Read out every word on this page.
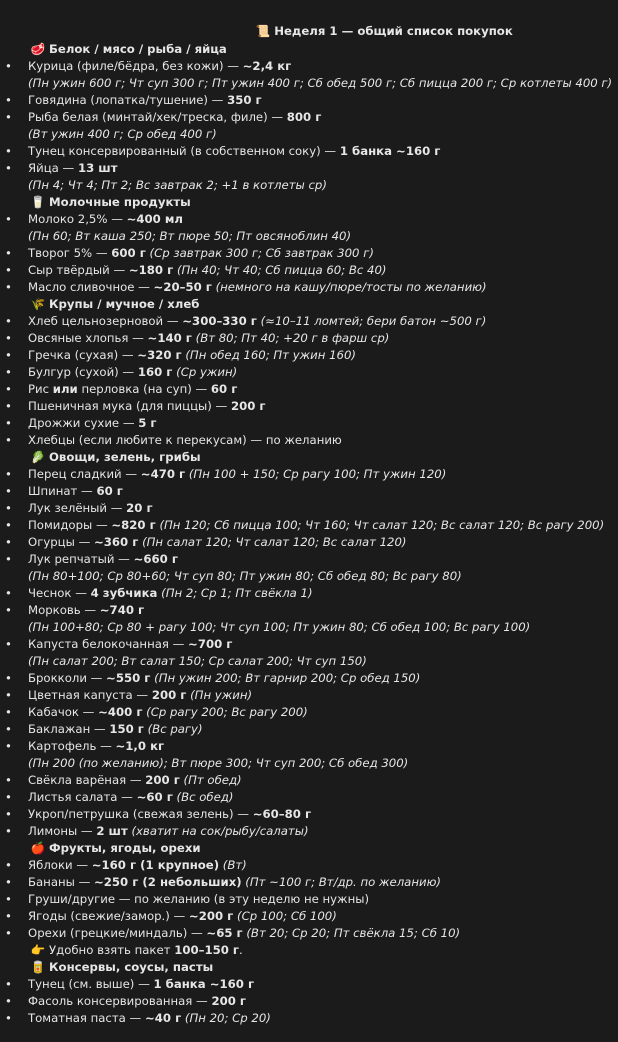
📜 Неделя 1 — общий список покупок
🥩 Белок / мясо / рыба / яйца
• Курица (филе/бёдра, без кожи) — ~2,4 кг
(Пн ужин 600 г; Чт суп 300 г; Пт ужин 400 г; Сб обед 500 г; Сб пицца 200 г; Ср котлеты 400 г)
• Говядина (лопатка/тушение) — 350 г
• Рыба белая (минтай/хек/треска, филе) — 800 г
(Вт ужин 400 г; Ср обед 400 г)
• Тунец консервированный (в собственном соку) — 1 банка ~160 г
• Яйца — 13 шт
(Пн 4; Чт 4; Пт 2; Вс завтрак 2; +1 в котлеты ср)
🥛 Молочные продукты
• Молоко 2,5% — ~400 мл
(Пн 60; Вт каша 250; Вт пюре 50; Пт овсяноблин 40)
• Творог 5% — 600 г (Ср завтрак 300 г; Сб завтрак 300 г)
• Сыр твёрдый — ~180 г (Пн 40; Чт 40; Сб пицца 60; Вс 40)
• Масло сливочное — ~20–50 г (немного на кашу/пюре/тосты по желанию)
🌾 Крупы / мучное / хлеб
• Хлеб цельнозерновой — ~300–330 г (≈10–11 ломтей; бери батон ~500 г)
• Овсяные хлопья — ~140 г (Вт 80; Пт 40; +20 г в фарш ср)
• Гречка (сухая) — ~320 г (Пн обед 160; Пт ужин 160)
• Булгур (сухой) — 160 г (Ср ужин)
• Рис или перловка (на суп) — 60 г
• Пшеничная мука (для пиццы) — 200 г
• Дрожжи сухие — 5 г
• Хлебцы (если любите к перекусам) — по желанию
🥬 Овощи, зелень, грибы
• Перец сладкий — ~470 г (Пн 100 + 150; Ср рагу 100; Пт ужин 120)
• Шпинат — 60 г
• Лук зелёный — 20 г
• Помидоры — ~820 г (Пн 120; Сб пицца 100; Чт 160; Чт салат 120; Вс салат 120; Вс рагу 200)
• Огурцы — ~360 г (Пн салат 120; Чт салат 120; Вс салат 120)
• Лук репчатый — ~660 г
(Пн 80+100; Ср 80+60; Чт суп 80; Пт ужин 80; Сб обед 80; Вс рагу 80)
• Чеснок — 4 зубчика (Пн 2; Ср 1; Пт свёкла 1)
• Морковь — ~740 г
(Пн 100+80; Ср 80 + рагу 100; Чт суп 100; Пт ужин 80; Сб обед 100; Вс рагу 100)
• Капуста белокочанная — ~700 г
(Пн салат 200; Вт салат 150; Ср салат 200; Чт суп 150)
• Брокколи — ~550 г (Пн ужин 200; Вт гарнир 200; Ср обед 150)
• Цветная капуста — 200 г (Пн ужин)
• Кабачок — ~400 г (Ср рагу 200; Вс рагу 200)
• Баклажан — 150 г (Вс рагу)
• Картофель — ~1,0 кг
(Пн 200 (по желанию); Вт пюре 300; Чт суп 200; Сб обед 300)
• Свёкла варёная — 200 г (Пт обед)
• Листья салата — ~60 г (Вс обед)
• Укроп/петрушка (свежая зелень) — ~60–80 г
• Лимоны — 2 шт (хватит на сок/рыбу/салаты)
🍎 Фрукты, ягоды, орехи
• Яблоки — ~160 г (1 крупное) (Вт)
• Бананы — ~250 г (2 небольших) (Пт ~100 г; Вт/др. по желанию)
• Груши/другие — по желанию (в эту неделю не нужны)
• Ягоды (свежие/замор.) — ~200 г (Ср 100; Сб 100)
• Орехи (грецкие/миндаль) — ~65 г (Вт 20; Ср 20; Пт свёкла 15; Сб 10)
👉 Удобно взять пакет 100–150 г.
🥫 Консервы, соусы, пасты
• Тунец (см. выше) — 1 банка ~160 г
• Фасоль консервированная — 200 г
• Томатная паста — ~40 г (Пн 20; Ср 20)
